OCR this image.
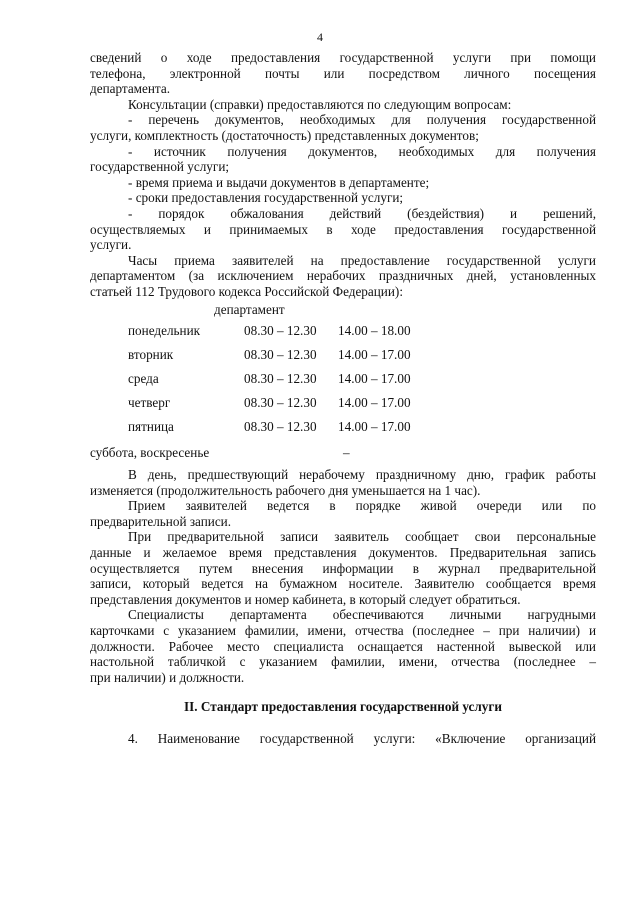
4
сведений о ходе предоставления государственной услуги при помощи
телефона, электронной почты или посредством личного посещения
департамента.
Консультации (справки) предоставляются по следующим вопросам:
- перечень документов, необходимых для получения государственной
услуги, комплектность (достаточность) представленных документов;
- источник получения документов, необходимых для получения
государственной услуги;
- время приема и выдачи документов в департаменте;
- сроки предоставления государственной услуги;
- порядок обжалования действий (бездействия) и решений,
осуществляемых и принимаемых в ходе предоставления государственной
услуги.
Часы приема заявителей на предоставление государственной услуги
департаментом (за исключением нерабочих праздничных дней, установленных
статьей 112 Трудового кодекса Российской Федерации):
департамент
понедельник	08.30 – 12.30 14.00 – 18.00
вторник	08.30 – 12.30 14.00 – 17.00
среда	08.30 – 12.30 14.00 – 17.00
четверг	08.30 – 12.30 14.00 – 17.00
пятница	08.30 – 12.30 14.00 – 17.00
суббота, воскресенье	–
В день, предшествующий нерабочему праздничному дню, график работы
изменяется (продолжительность рабочего дня уменьшается на 1 час).
Прием заявителей ведется в порядке живой очереди или по
предварительной записи.
При предварительной записи заявитель сообщает свои персональные
данные и желаемое время представления документов. Предварительная запись
осуществляется путем внесения информации в журнал предварительной
записи, который ведется на бумажном носителе. Заявителю сообщается время
представления документов и номер кабинета, в который следует обратиться.
Специалисты департамента обеспечиваются личными нагрудными
карточками с указанием фамилии, имени, отчества (последнее – при наличии) и
должности. Рабочее место специалиста оснащается настенной вывеской или
настольной табличкой с указанием фамилии, имени, отчества (последнее –
при наличии) и должности.
II. Стандарт предоставления государственной услуги
4. Наименование государственной услуги: «Включение организаций
